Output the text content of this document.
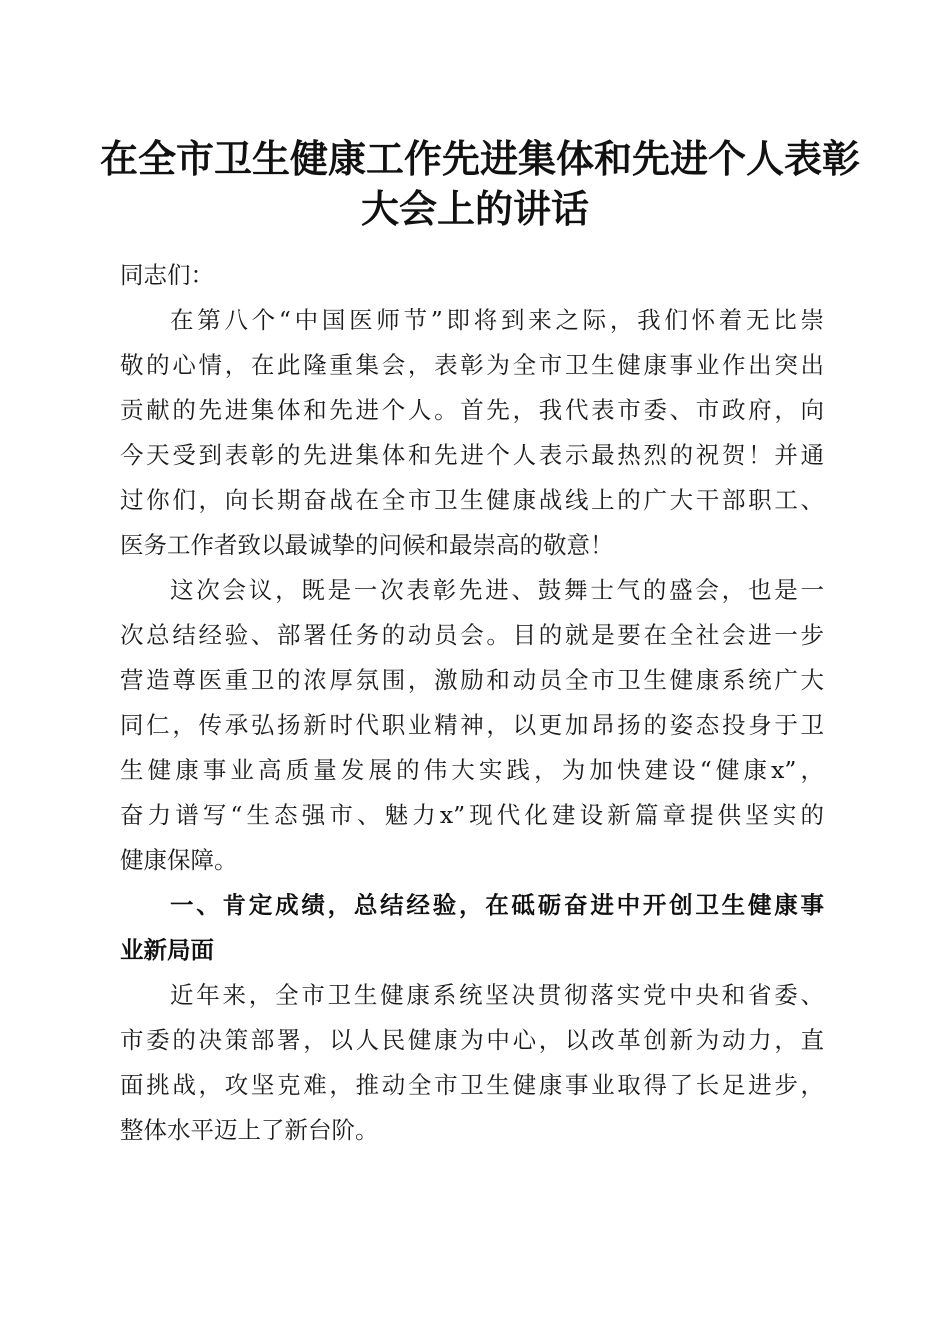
在全市卫生健康工作先进集体和先进个人表彰
大会上的讲话
同志们：
在第八个“中国医师节”即将到来之际，我们怀着无比崇
敬的心情，在此隆重集会，表彰为全市卫生健康事业作出突出
贡献的先进集体和先进个人。首先，我代表市委、市政府，向
今天受到表彰的先进集体和先进个人表示最热烈的祝贺！并通
过你们，向长期奋战在全市卫生健康战线上的广大干部职工、
医务工作者致以最诚挚的问候和最崇高的敬意！
这次会议，既是一次表彰先进、鼓舞士气的盛会，也是一
次总结经验、部署任务的动员会。目的就是要在全社会进一步
营造尊医重卫的浓厚氛围，激励和动员全市卫生健康系统广大
同仁，传承弘扬新时代职业精神，以更加昂扬的姿态投身于卫
生健康事业高质量发展的伟大实践，为加快建设“健康x”，
奋力谱写“生态强市、魅力x”现代化建设新篇章提供坚实的
健康保障。
一、肯定成绩，总结经验，在砥砺奋进中开创卫生健康事
业新局面
近年来，全市卫生健康系统坚决贯彻落实党中央和省委、
市委的决策部署，以人民健康为中心，以改革创新为动力，直
面挑战，攻坚克难，推动全市卫生健康事业取得了长足进步，
整体水平迈上了新台阶。
